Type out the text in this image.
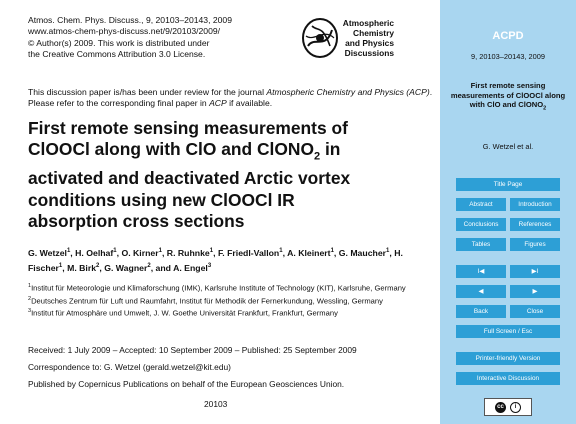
Atmos. Chem. Phys. Discuss., 9, 20103–20143, 2009
www.atmos-chem-phys-discuss.net/9/20103/2009/
© Author(s) 2009. This work is distributed under
the Creative Commons Attribution 3.0 License.
Atmospheric
Chemistry
and Physics
Discussions
This discussion paper is/has been under review for the journal Atmospheric Chemistry and Physics (ACP). Please refer to the corresponding final paper in ACP if available.
First remote sensing measurements of
ClOOCl along with ClO and ClONO$_2$ in
activated and deactivated Arctic vortex
conditions using new ClOOCl IR
absorption cross sections
G. Wetzel$^1$, H. Oelhaf$^1$, O. Kirner$^1$, R. Ruhnke$^1$, F. Friedl-Vallon$^1$, A. Kleinert$^1$, G. Maucher$^1$, H. Fischer$^1$, M. Birk$^2$, G. Wagner$^2$, and A. Engel$^3$
$^1$Institut für Meteorologie und Klimaforschung (IMK), Karlsruhe Institute of Technology (KIT), Karlsruhe, Germany
$^2$Deutsches Zentrum für Luft und Raumfahrt, Institut für Methodik der Fernerkundung, Wessling, Germany
$^3$Institut für Atmosphäre und Umwelt, J. W. Goethe Universität Frankfurt, Frankfurt, Germany
Received: 1 July 2009 – Accepted: 10 September 2009 – Published: 25 September 2009
Correspondence to: G. Wetzel (gerald.wetzel@kit.edu)
Published by Copernicus Publications on behalf of the European Geosciences Union.
20103
ACPD
9, 20103–20143, 2009
First remote sensing measurements of ClOOCl along with ClO and ClONO$_2$
G. Wetzel et al.
Title Page
Abstract	Introduction
Conclusions	References
Tables	Figures
I◀	▶I
◀	▶
Back	Close
Full Screen / Esc
Printer-friendly Version
Interactive Discussion
cc	i
